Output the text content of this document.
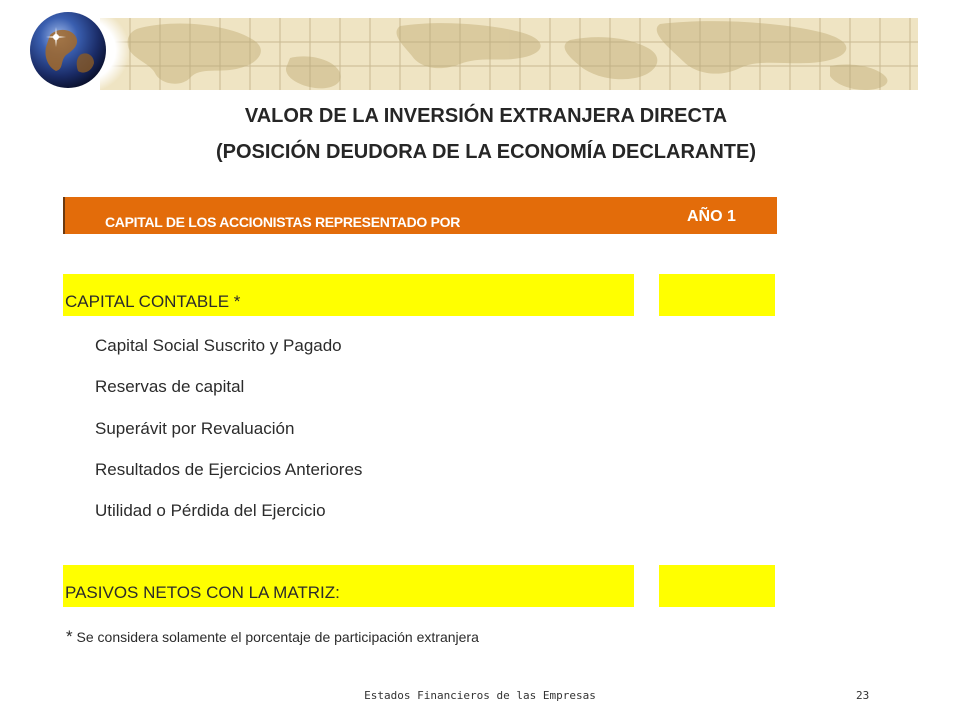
VALOR DE LA INVERSIÓN EXTRANJERA DIRECTA
(POSICIÓN DEUDORA DE LA ECONOMÍA DECLARANTE)
CAPITAL DE LOS ACCIONISTAS REPRESENTADO POR	AÑO 1
CAPITAL CONTABLE *
Capital Social Suscrito y Pagado
Reservas de capital
Superávit por Revaluación
Resultados de Ejercicios Anteriores
Utilidad o Pérdida del Ejercicio
PASIVOS NETOS CON LA MATRIZ:
* Se considera solamente el porcentaje de participación extranjera
Estados Financieros de las Empresas	23
